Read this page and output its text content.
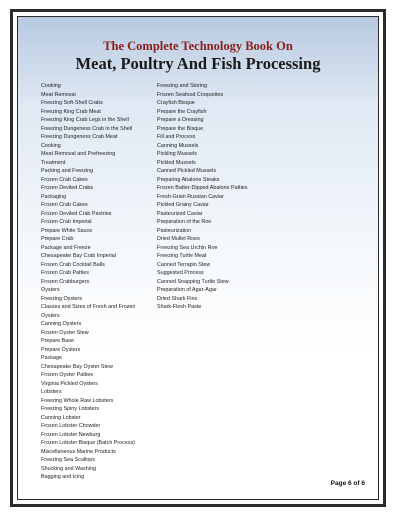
The Complete Technology Book On
Meat, Poultry And Fish Processing
Cooking
Meat Removal
Freezing Soft-Shell Crabs
Freezing King Crab Meat
Freezing King Crab Legs in the Shell
Freezing Dungeness Crab in the Shell
Freezing Dungeness Crab Meat
Cooking
Meat Removal and Prefreezing
Treatment
Packing and Freezing
Frozen Crab Cakes
Frozen Deviled Crabs
Packaging
Frozen Crab Cakes
Frozen Deviled Crab Pastries
Frozen Crab Imperial
Prepare White Sauce
Prepare Crab
Package and Freeze
Chesapeake Bay Crab Imperial
Frozen Crab Cocktail Balls
Frozen Crab Patties
Frozen Crabburgers
Oysters
Freezing Oysters
Classes and Sizes of Fresh and Frozen
Oysters
Canning Oysters
Frozen Oyster Stew
Prepare Base
Prepare Oysters
Package
Chesapeake Bay Oyster Stew
Frozen Oyster Patties
Virginia Pickled Oysters
Lobsters
Freezing Whole Raw Lobsters
Freezing Spiny Lobsters
Canning Lobster
Frozen Lobster Chowder
Frozen Lobster Newburg
Frozen Lobster Bisque (Batch Process)
Miscellaneous Marine Products
Freezing Sea Scallops
Shucking and Washing
Bagging and Icing
Freezing and Storing
Frozen Seafood Croquettes
Crayfish Bisque
Prepare the Crayfish
Prepare a Dressing
Prepare the Bisque
Fill and Process
Canning Mussels
Pickling Mussels
Pickled Mussels
Canned Pickled Mussels
Preparing Abalone Steaks
Frozen Batter-Dipped Abalone Patties
Fresh-Grain Russian Caviar
Pickled Grainy Caviar
Pasteurized Caviar
Preparation of the Roe
Pasteurization
Dried Mullet Roes
Freezing Sea Urchin Roe
Freezing Turtle Meat
Canned Terrapin Stew
Suggested Process
Canned Snapping Turtle Stew
Preparation of Agar-Agar
Dried Shark Fins
Shark-Flesh Paste
Page 6 of 6
